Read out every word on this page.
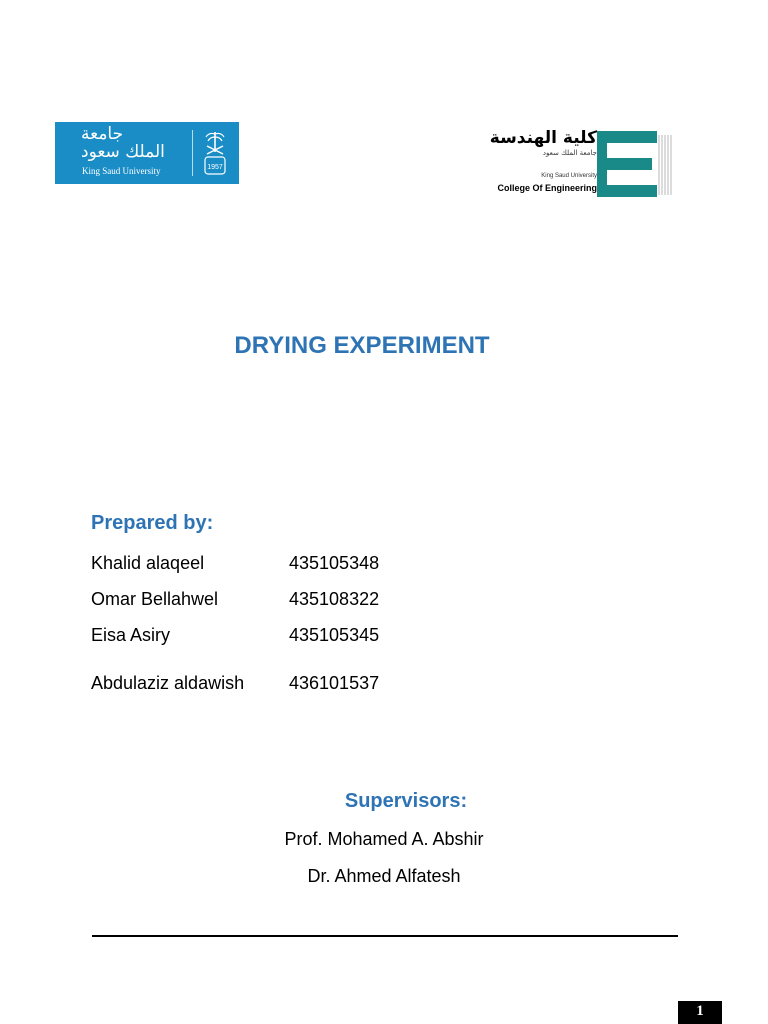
جامعة
الملك سعود
King Saud University	1957
كلية الهندسة
جامعة الملك سعود
King Saud University
College Of Engineering
DRYING EXPERIMENT
Prepared by:
Khalid alaqeel	435105348
Omar Bellahwel	435108322
Eisa Asiry	435105345
Abdulaziz aldawish 436101537
Supervisors:
Prof. Mohamed A. Abshir
Dr. Ahmed Alfatesh
1
